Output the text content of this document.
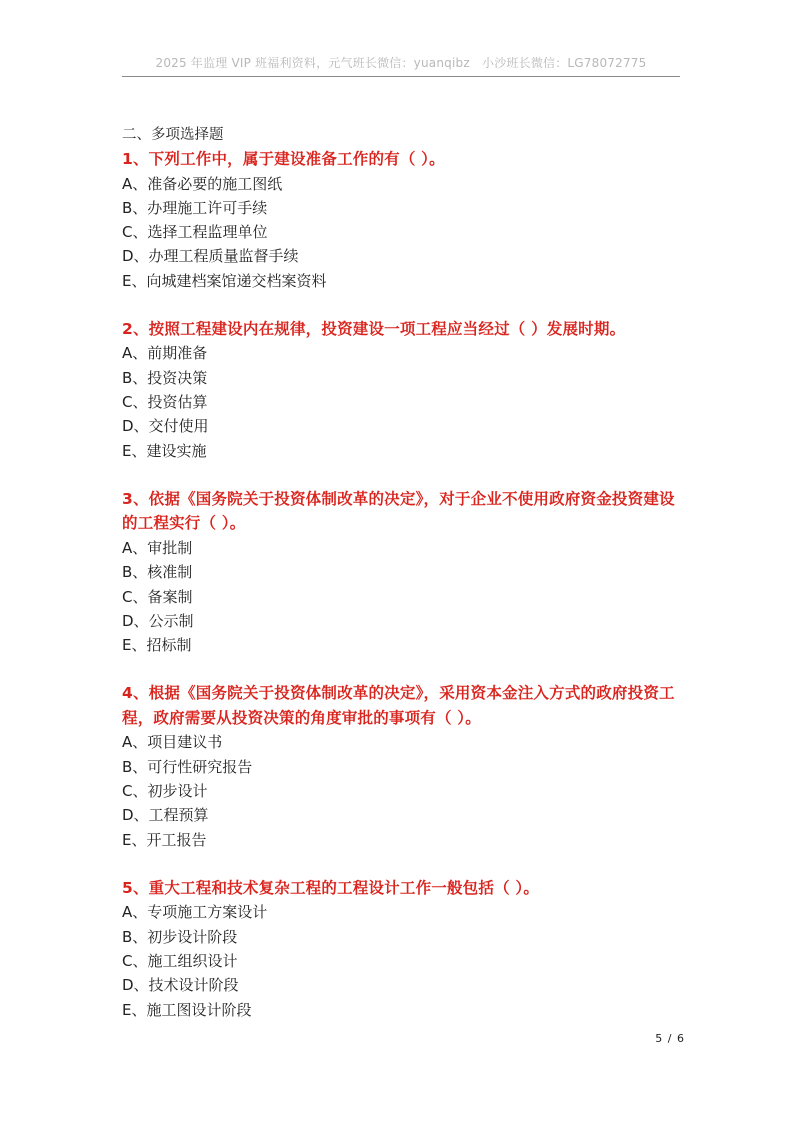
2025 年监理 VIP 班福利资料，元气班长微信：yuanqibz　小沙班长微信：LG78072775
二、多项选择题
1、下列工作中，属于建设准备工作的有（ ）。
A、准备必要的施工图纸
B、办理施工许可手续
C、选择工程监理单位
D、办理工程质量监督手续
E、向城建档案馆递交档案资料
2、按照工程建设内在规律，投资建设一项工程应当经过（ ）发展时期。
A、前期准备
B、投资决策
C、投资估算
D、交付使用
E、建设实施
3、依据《国务院关于投资体制改革的决定》，对于企业不使用政府资金投资建设的工程实行（ ）。
A、审批制
B、核准制
C、备案制
D、公示制
E、招标制
4、根据《国务院关于投资体制改革的决定》，采用资本金注入方式的政府投资工程，政府需要从投资决策的角度审批的事项有（ ）。
A、项目建议书
B、可行性研究报告
C、初步设计
D、工程预算
E、开工报告
5、重大工程和技术复杂工程的工程设计工作一般包括（ ）。
A、专项施工方案设计
B、初步设计阶段
C、施工组织设计
D、技术设计阶段
E、施工图设计阶段
5 / 6
